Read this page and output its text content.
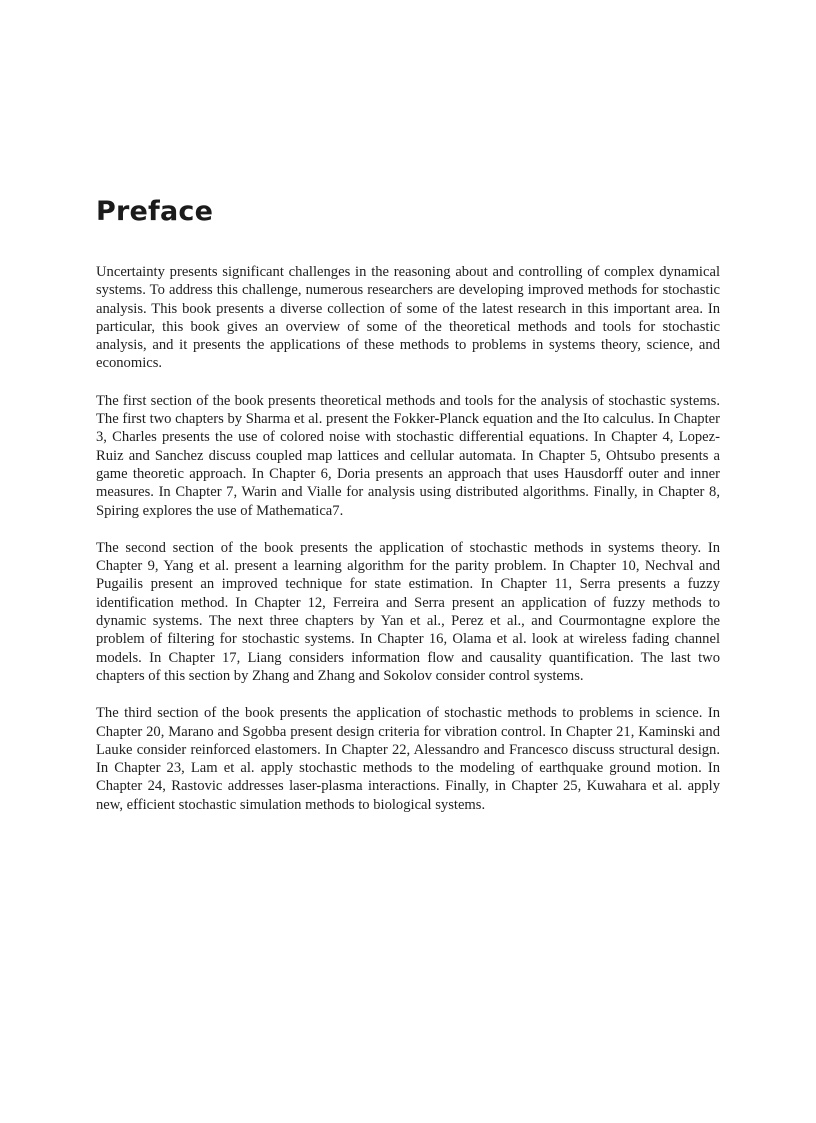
Preface

Uncertainty presents significant challenges in the reasoning about and controlling of complex dynamical systems. To address this challenge, numerous researchers are developing improved methods for stochastic analysis. This book presents a diverse collection of some of the latest research in this important area. In particular, this book gives an overview of some of the theoretical methods and tools for stochastic analysis, and it presents the applications of these methods to problems in systems theory, science, and economics.

The first section of the book presents theoretical methods and tools for the analysis of stochastic systems. The first two chapters by Sharma et al. present the Fokker-Planck equation and the Ito calculus. In Chapter 3, Charles presents the use of colored noise with stochastic differential equations. In Chapter 4, Lopez-Ruiz and Sanchez discuss coupled map lattices and cellular automata. In Chapter 5, Ohtsubo presents a game theoretic approach. In Chapter 6, Doria presents an approach that uses Hausdorff outer and inner measures. In Chapter 7, Warin and Vialle for analysis using distributed algorithms. Finally, in Chapter 8, Spiring explores the use of Mathematica7.

The second section of the book presents the application of stochastic methods in systems theory. In Chapter 9, Yang et al. present a learning algorithm for the parity problem. In Chapter 10, Nechval and Pugailis present an improved technique for state estimation. In Chapter 11, Serra presents a fuzzy identification method. In Chapter 12, Ferreira and Serra present an application of fuzzy methods to dynamic systems. The next three chapters by Yan et al., Perez et al., and Courmontagne explore the problem of filtering for stochastic systems. In Chapter 16, Olama et al. look at wireless fading channel models. In Chapter 17, Liang considers information flow and causality quantification. The last two chapters of this section by Zhang and Zhang and Sokolov consider control systems.

The third section of the book presents the application of stochastic methods to problems in science. In Chapter 20, Marano and Sgobba present design criteria for vibration control. In Chapter 21, Kaminski and Lauke consider reinforced elastomers. In Chapter 22, Alessandro and Francesco discuss structural design. In Chapter 23, Lam et al. apply stochastic methods to the modeling of earthquake ground motion. In Chapter 24, Rastovic addresses laser-plasma interactions. Finally, in Chapter 25, Kuwahara et al. apply new, efficient stochastic simulation methods to biological systems.
